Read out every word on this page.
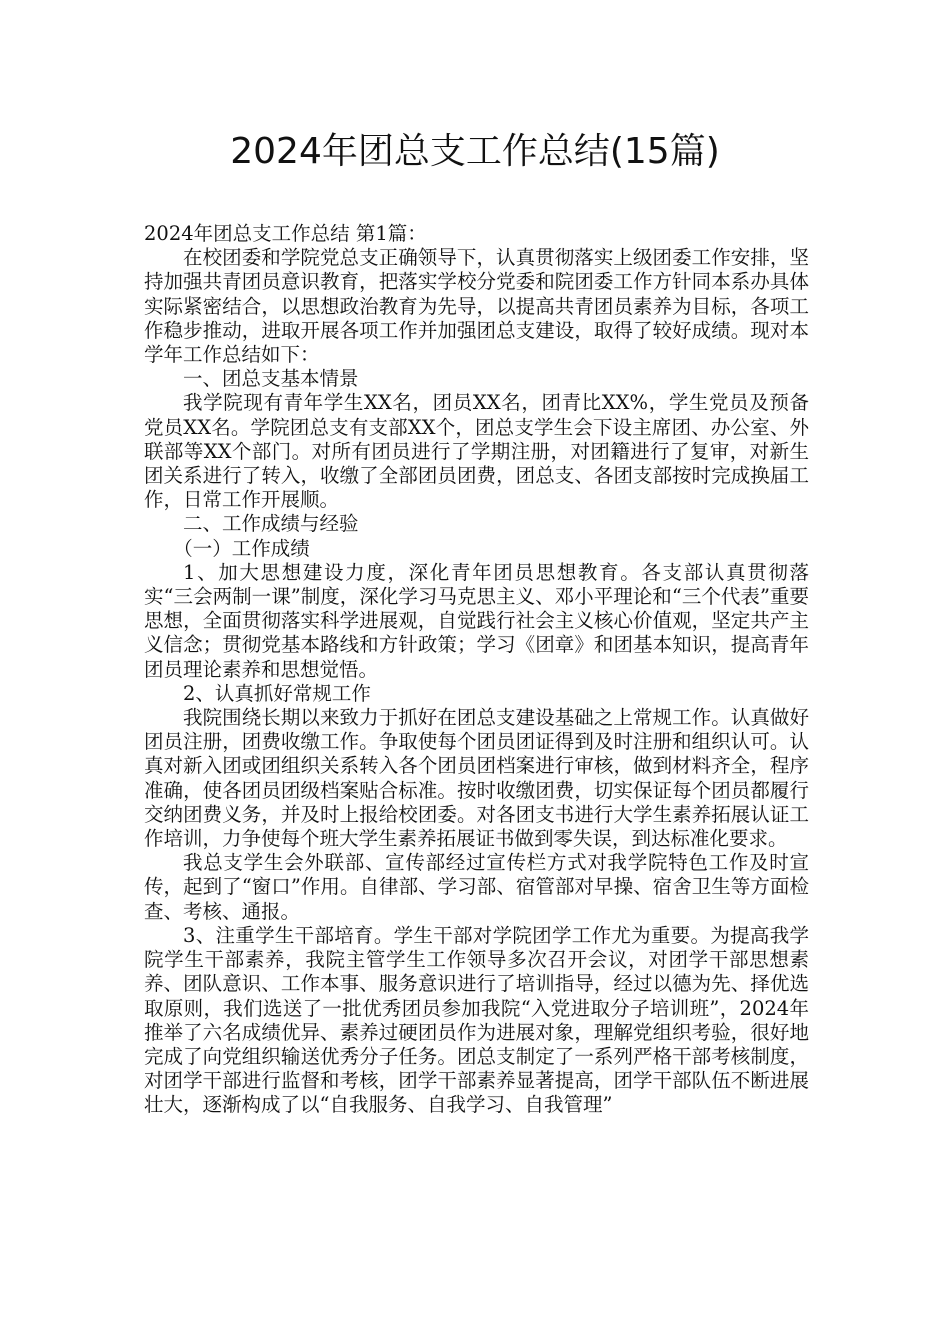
2024年团总支工作总结(15篇)

2024年团总支工作总结 第1篇：

在校团委和学院党总支正确领导下，认真贯彻落实上级团委工作安排，坚持加强共青团员意识教育，把落实学校分党委和院团委工作方针同本系办具体实际紧密结合，以思想政治教育为先导，以提高共青团员素养为目标，各项工作稳步推动，进取开展各项工作并加强团总支建设，取得了较好成绩。现对本学年工作总结如下：

一、团总支基本情景

我学院现有青年学生XX名，团员XX名，团青比XX%，学生党员及预备党员XX名。学院团总支有支部XX个，团总支学生会下设主席团、办公室、外联部等XX个部门。对所有团员进行了学期注册，对团籍进行了复审，对新生团关系进行了转入，收缴了全部团员团费，团总支、各团支部按时完成换届工作，日常工作开展顺。

二、工作成绩与经验

（一）工作成绩

1、加大思想建设力度，深化青年团员思想教育。各支部认真贯彻落实“三会两制一课”制度，深化学习马克思主义、邓小平理论和“三个代表”重要思想，全面贯彻落实科学进展观，自觉践行社会主义核心价值观，坚定共产主义信念；贯彻党基本路线和方针政策；学习《团章》和团基本知识，提高青年团员理论素养和思想觉悟。

2、认真抓好常规工作

我院围绕长期以来致力于抓好在团总支建设基础之上常规工作。认真做好团员注册，团费收缴工作。争取使每个团员团证得到及时注册和组织认可。认真对新入团或团组织关系转入各个团员团档案进行审核，做到材料齐全，程序准确，使各团员团级档案贴合标准。按时收缴团费，切实保证每个团员都履行交纳团费义务，并及时上报给校团委。对各团支书进行大学生素养拓展认证工作培训，力争使每个班大学生素养拓展证书做到零失误，到达标准化要求。

我总支学生会外联部、宣传部经过宣传栏方式对我学院特色工作及时宣传，起到了“窗口”作用。自律部、学习部、宿管部对早操、宿舍卫生等方面检查、考核、通报。

3、注重学生干部培育。学生干部对学院团学工作尤为重要。为提高我学院学生干部素养，我院主管学生工作领导多次召开会议，对团学干部思想素养、团队意识、工作本事、服务意识进行了培训指导，经过以德为先、择优选取原则，我们选送了一批优秀团员参加我院“入党进取分子培训班”，2024年推举了六名成绩优异、素养过硬团员作为进展对象，理解党组织考验，很好地完成了向党组织输送优秀分子任务。团总支制定了一系列严格干部考核制度，对团学干部进行监督和考核，团学干部素养显著提高，团学干部队伍不断进展壮大，逐渐构成了以“自我服务、自我学习、自我管理”
